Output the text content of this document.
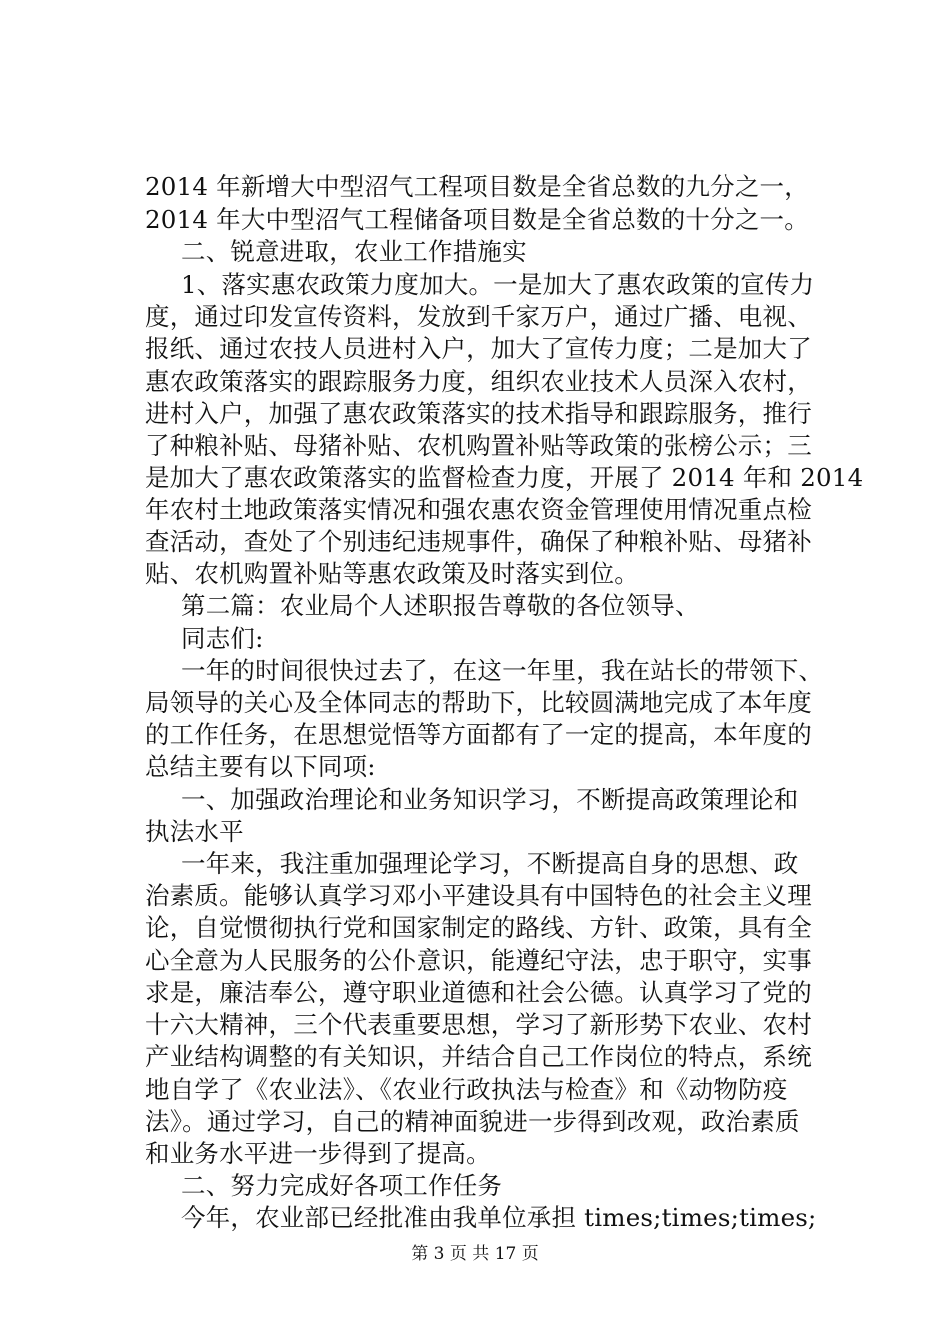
2014 年新增大中型沼气工程项目数是全省总数的九分之一，
2014 年大中型沼气工程储备项目数是全省总数的十分之一。
二、锐意进取，农业工作措施实
1、落实惠农政策力度加大。一是加大了惠农政策的宣传力
度，通过印发宣传资料，发放到千家万户，通过广播、电视、
报纸、通过农技人员进村入户，加大了宣传力度；二是加大了
惠农政策落实的跟踪服务力度，组织农业技术人员深入农村，
进村入户，加强了惠农政策落实的技术指导和跟踪服务，推行
了种粮补贴、母猪补贴、农机购置补贴等政策的张榜公示；三
是加大了惠农政策落实的监督检查力度，开展了 2014 年和 2014
年农村土地政策落实情况和强农惠农资金管理使用情况重点检
查活动，查处了个别违纪违规事件，确保了种粮补贴、母猪补
贴、农机购置补贴等惠农政策及时落实到位。
第二篇：农业局个人述职报告尊敬的各位领导、
同志们:
一年的时间很快过去了，在这一年里，我在站长的带领下、
局领导的关心及全体同志的帮助下，比较圆满地完成了本年度
的工作任务，在思想觉悟等方面都有了一定的提高，本年度的
总结主要有以下同项:
一、加强政治理论和业务知识学习，不断提高政策理论和
执法水平
一年来，我注重加强理论学习，不断提高自身的思想、政
治素质。能够认真学习邓小平建设具有中国特色的社会主义理
论，自觉惯彻执行党和国家制定的路线、方针、政策，具有全
心全意为人民服务的公仆意识，能遵纪守法，忠于职守，实事
求是，廉洁奉公，遵守职业道德和社会公德。认真学习了党的
十六大精神，三个代表重要思想，学习了新形势下农业、农村
产业结构调整的有关知识，并结合自己工作岗位的特点，系统
地自学了《农业法》、《农业行政执法与检查》和《动物防疫
法》。通过学习，自己的精神面貌进一步得到改观，政治素质
和业务水平进一步得到了提高。
二、努力完成好各项工作任务
今年，农业部已经批准由我单位承担 times;times;times;
第 3 页 共 17 页
